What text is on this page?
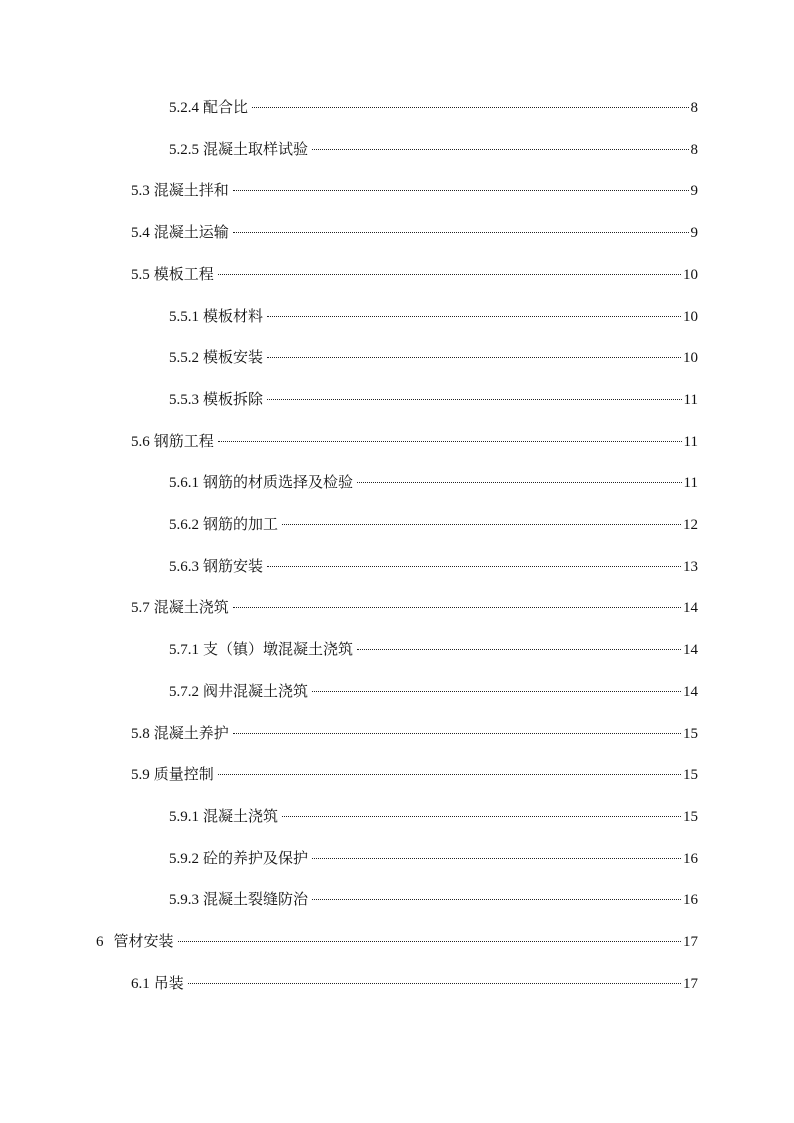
5.2.4 配合比	8
5.2.5 混凝土取样试验	8
5.3 混凝土拌和	9
5.4 混凝土运输	9
5.5 模板工程	10
5.5.1 模板材料	10
5.5.2 模板安装	10
5.5.3 模板拆除	11
5.6 钢筋工程	11
5.6.1 钢筋的材质选择及检验	11
5.6.2 钢筋的加工	12
5.6.3 钢筋安装	13
5.7 混凝土浇筑	14
5.7.1 支（镇）墩混凝土浇筑	14
5.7.2 阀井混凝土浇筑	14
5.8 混凝土养护	15
5.9 质量控制	15
5.9.1 混凝土浇筑	15
5.9.2 砼的养护及保护	16
5.9.3 混凝土裂缝防治	16
6 管材安装	17
6.1 吊装	17
